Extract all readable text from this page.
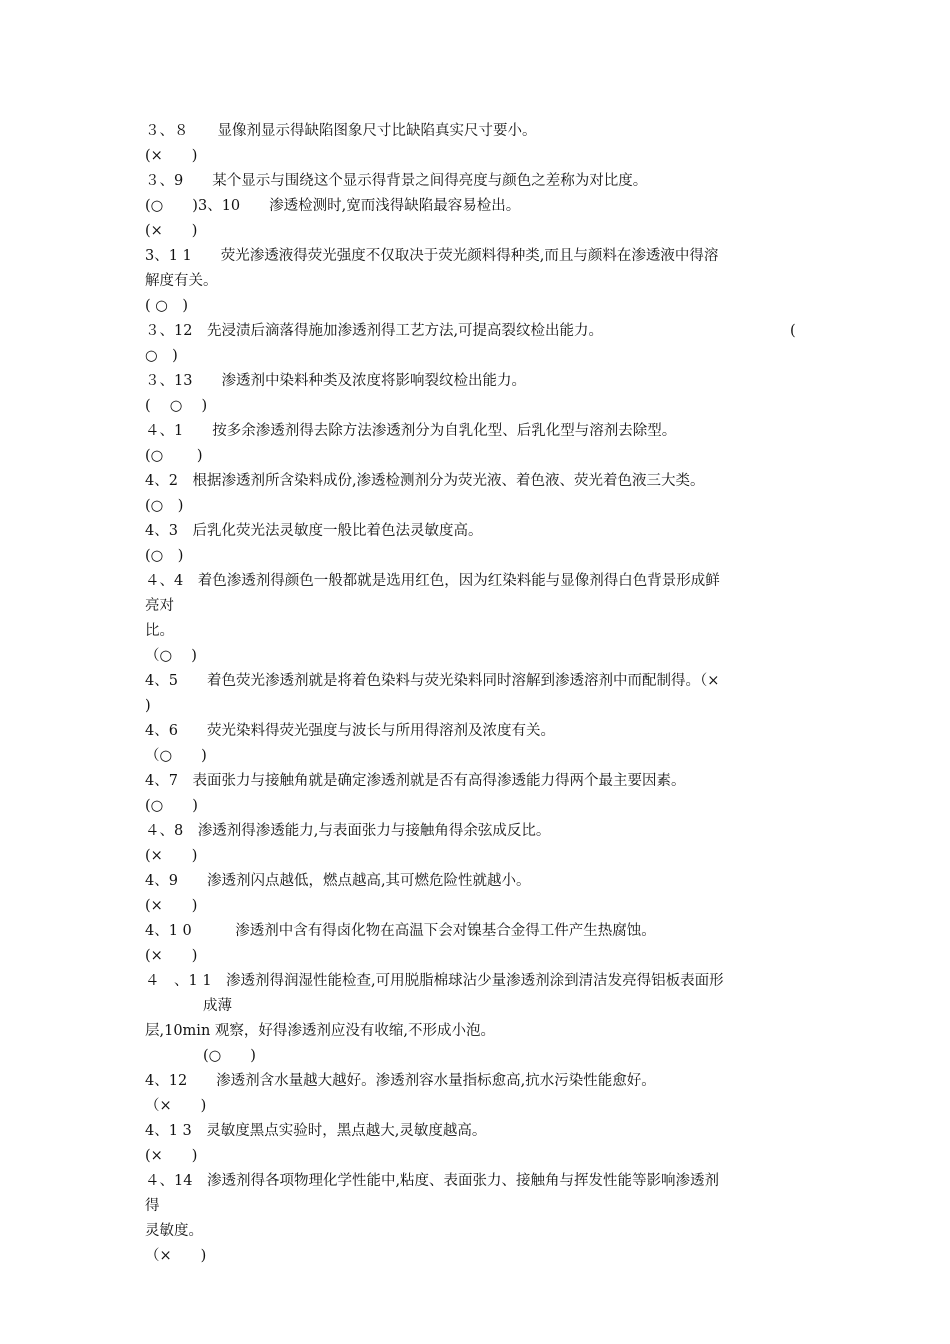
３、８　　显像剂显示得缺陷图象尺寸比缺陷真实尺寸要小。
(×　　)
３、9　　某个显示与围绕这个显示得背景之间得亮度与颜色之差称为对比度。
(○　　)3、10　　渗透检测时,宽而浅得缺陷最容易检出。
(×　　)
3、1 1　　荧光渗透液得荧光强度不仅取决于荧光颜料得种类,而且与颜料在渗透液中得溶
解度有关。
( ○　)
３、12　先浸渍后滴落得施加渗透剂得工艺方法,可提高裂纹检出能力。	(
○　)
３、13　　渗透剂中染料种类及浓度将影响裂纹检出能力。
(　 ○　 )
４、1　　按多余渗透剂得去除方法渗透剂分为自乳化型、后乳化型与溶剂去除型。
(○　　 )
4、2　根据渗透剂所含染料成份,渗透检测剂分为荧光液、着色液、荧光着色液三大类。
(○　)
4、3　后乳化荧光法灵敏度一般比着色法灵敏度高。
(○　)
４、4　着色渗透剂得颜色一般都就是选用红色，因为红染料能与显像剂得白色背景形成鲜
亮对
比。
（○　 )
4、5　　着色荧光渗透剂就是将着色染料与荧光染料同时溶解到渗透溶剂中而配制得。（×
)
4、6　　荧光染料得荧光强度与波长与所用得溶剂及浓度有关。
（○　　)
4、7　表面张力与接触角就是确定渗透剂就是否有高得渗透能力得两个最主要因素。
(○　　)
４、8　渗透剂得渗透能力,与表面张力与接触角得余弦成反比。
(×　　)
4、9　　渗透剂闪点越低，燃点越高,其可燃危险性就越小。
(×　　)
4、1 0　　　渗透剂中含有得卤化物在高温下会对镍基合金得工件产生热腐蚀。
(×　　)
４　、1 1　渗透剂得润湿性能检查,可用脱脂棉球沾少量渗透剂涂到清洁发亮得铝板表面形
　　　　成薄
层,10min 观察，好得渗透剂应没有收缩,不形成小泡。
　　　　(○　　)
4、12　　渗透剂含水量越大越好。渗透剂容水量指标愈高,抗水污染性能愈好。
（×　　)
4、1 3　灵敏度黑点实验时，黑点越大,灵敏度越高。
(×　　)
４、14　渗透剂得各项物理化学性能中,粘度、表面张力、接触角与挥发性能等影响渗透剂
得
灵敏度。
（×　　)
